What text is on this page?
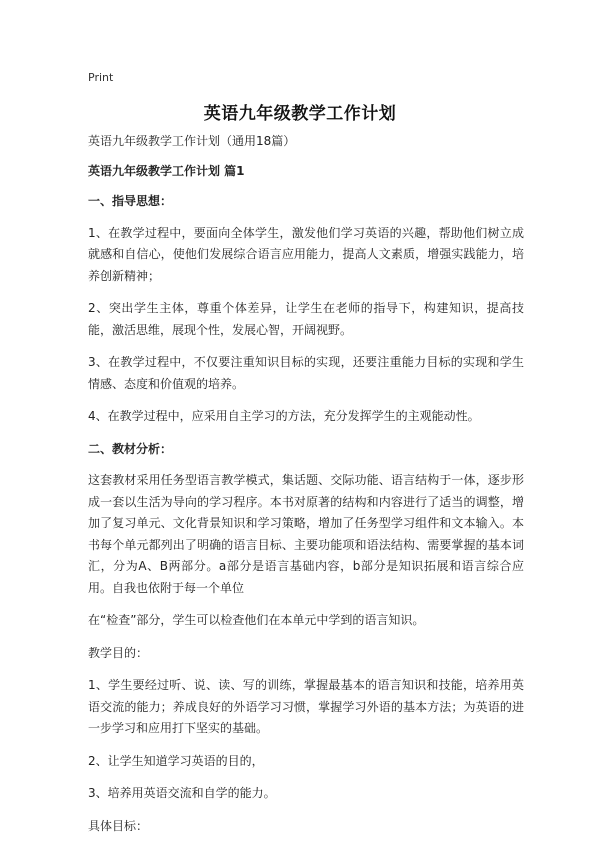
Print
英语九年级教学工作计划

英语九年级教学工作计划（通用18篇）

英语九年级教学工作计划 篇1

一、指导思想：

1、在教学过程中，要面向全体学生，激发他们学习英语的兴趣，帮助他们树立成就感和自信心，使他们发展综合语言应用能力，提高人文素质，增强实践能力，培养创新精神；

2、突出学生主体，尊重个体差异，让学生在老师的指导下，构建知识，提高技能，激活思维，展现个性，发展心智，开阔视野。

3、在教学过程中，不仅要注重知识目标的实现，还要注重能力目标的实现和学生情感、态度和价值观的培养。

4、在教学过程中，应采用自主学习的方法，充分发挥学生的主观能动性。

二、教材分析：

这套教材采用任务型语言教学模式，集话题、交际功能、语言结构于一体，逐步形成一套以生活为导向的学习程序。本书对原著的结构和内容进行了适当的调整，增加了复习单元、文化背景知识和学习策略，增加了任务型学习组件和文本输入。本书每个单元都列出了明确的语言目标、主要功能项和语法结构、需要掌握的基本词汇，分为A、B两部分。a部分是语言基础内容，b部分是知识拓展和语言综合应用。自我也依附于每一个单位

在“检查”部分，学生可以检查他们在本单元中学到的语言知识。

教学目的：

1、学生要经过听、说、读、写的训练，掌握最基本的语言知识和技能，培养用英语交流的能力；养成良好的外语学习习惯，掌握学习外语的基本方法；为英语的进一步学习和应用打下坚实的基础。

2、让学生知道学习英语的目的，

3、培养用英语交流和自学的能力。

具体目标：
